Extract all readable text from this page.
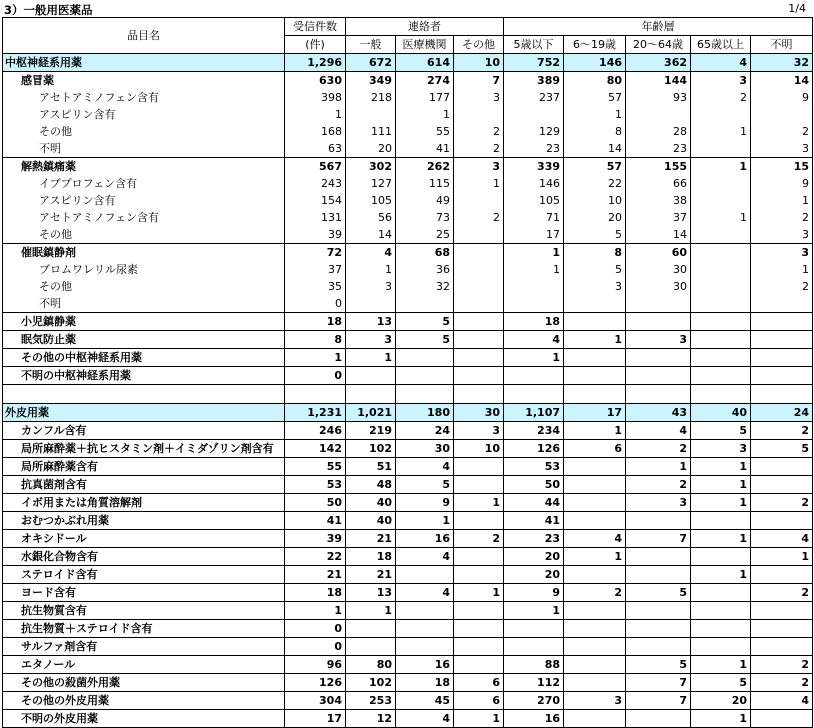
3）一般用医薬品	1/4
品目名	受信件数	連絡者			年齢層				
	(件)	一般	医療機関	その他	5歳以下	6～19歳	20～64歳	65歳以上	不明
中枢神経系用薬	1,296	672	614	10	752	146	362	4	32
感冒薬	630	349	274	7	389	80	144	3	14
アセトアミノフェン含有	398	218	177	3	237	57	93	2	9
アスピリン含有	1		1			1			
その他	168	111	55	2	129	8	28	1	2
不明	63	20	41	2	23	14	23		3
解熱鎮痛薬	567	302	262	3	339	57	155	1	15
イブプロフェン含有	243	127	115	1	146	22	66		9
アスピリン含有	154	105	49		105	10	38		1
アセトアミノフェン含有	131	56	73	2	71	20	37	1	2
その他	39	14	25		17	5	14		3
催眠鎮静剤	72	4	68		1	8	60		3
ブロムワレリル尿素	37	1	36		1	5	30		1
その他	35	3	32			3	30		2
不明	0								
小児鎮静薬	18	13	5		18				
眠気防止薬	8	3	5		4	1	3		
その他の中枢神経系用薬	1	1			1				
不明の中枢神経系用薬	0								

外皮用薬	1,231	1,021	180	30	1,107	17	43	40	24
カンフル含有	246	219	24	3	234	1	4	5	2
局所麻酔薬＋抗ヒスタミン剤＋イミダゾリン剤含有	142	102	30	10	126	6	2	3	5
局所麻酔薬含有	55	51	4		53		1	1	
抗真菌剤含有	53	48	5		50		2	1	
イボ用または角質溶解剤	50	40	9	1	44		3	1	2
おむつかぶれ用薬	41	40	1		41				
オキシドール	39	21	16	2	23	4	7	1	4
水銀化合物含有	22	18	4		20	1			1
ステロイド含有	21	21			20			1	
ヨード含有	18	13	4	1	9	2	5		2
抗生物質含有	1	1			1				
抗生物質＋ステロイド含有	0								
サルファ剤含有	0								
エタノール	96	80	16		88		5	1	2
その他の殺菌外用薬	126	102	18	6	112		7	5	2
その他の外皮用薬	304	253	45	6	270	3	7	20	4
不明の外皮用薬	17	12	4	1	16			1	
